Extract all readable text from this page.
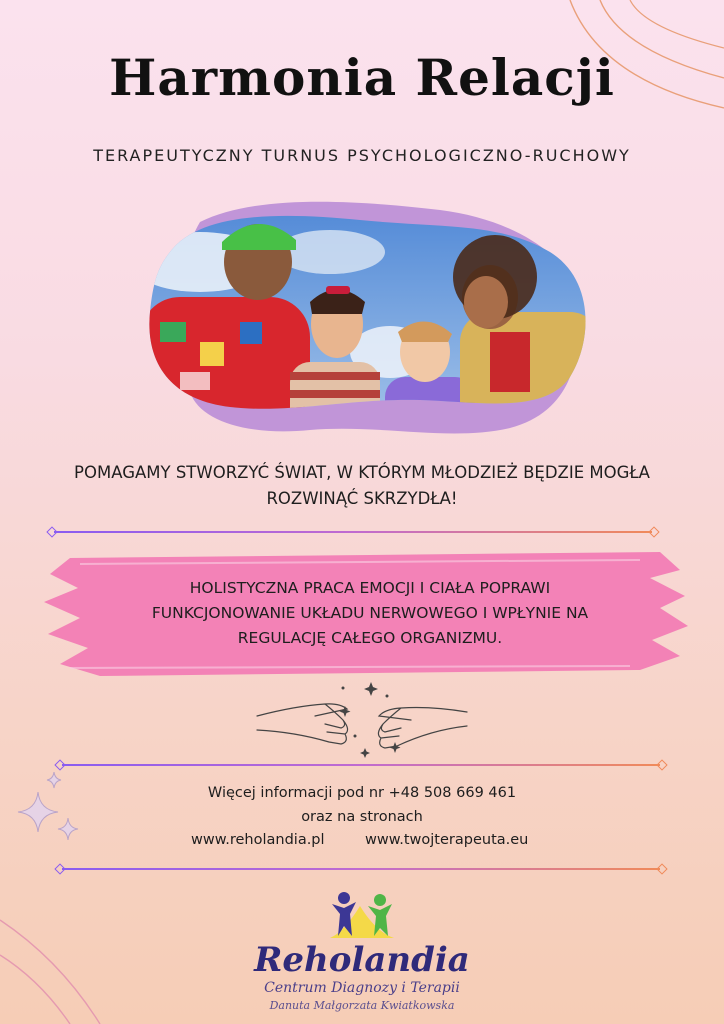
Harmonia Relacji
TERAPEUTYCZNY TURNUS PSYCHOLOGICZNO-RUCHOWY
POMAGAMY STWORZYĆ ŚWIAT, W KTÓRYM MŁODZIEŻ BĘDZIE MOGŁA
ROZWINĄĆ SKRZYDŁA!
HOLISTYCZNA PRACA EMOCJI I CIAŁA POPRAWI
FUNKCJONOWANIE UKŁADU NERWOWEGO I WPŁYNIE NA
REGULACJĘ CAŁEGO ORGANIZMU.
Więcej informacji pod nr +48 508 669 461
oraz na stronach
www.reholandia.pl	www.twojterapeuta.eu
Reholandia
Centrum Diagnozy i Terapii
Danuta Małgorzata Kwiatkowska
